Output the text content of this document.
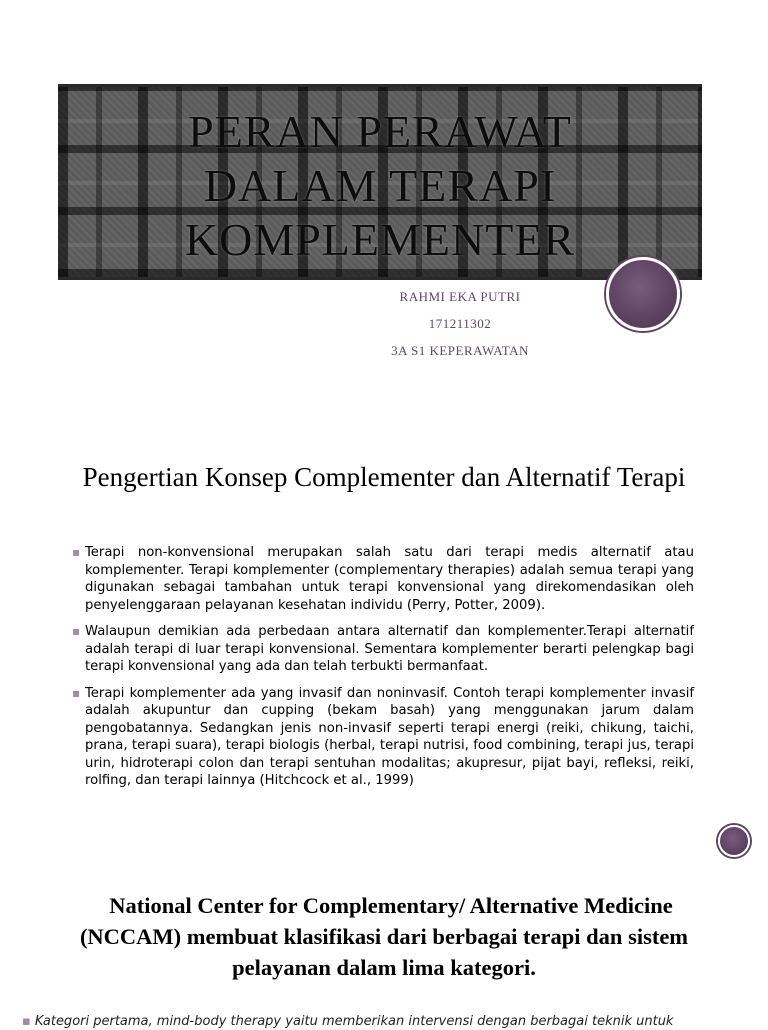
PERAN PERAWAT
DALAM TERAPI
KOMPLEMENTER
RAHMI EKA PUTRI
171211302
3A S1 KEPERAWATAN
Pengertian Konsep Complementer dan Alternatif Terapi
▪ Terapi non-konvensional merupakan salah satu dari terapi medis alternatif atau komplementer. Terapi komplementer (complementary therapies) adalah semua terapi yang digunakan sebagai tambahan untuk terapi konvensional yang direkomendasikan oleh penyelenggaraan pelayanan kesehatan individu (Perry, Potter, 2009).
▪ Walaupun demikian ada perbedaan antara alternatif dan komplementer.Terapi alternatif adalah terapi di luar terapi konvensional. Sementara komplementer berarti pelengkap bagi terapi konvensional yang ada dan telah terbukti bermanfaat.
▪ Terapi komplementer ada yang invasif dan noninvasif. Contoh terapi komplementer invasif adalah akupuntur dan cupping (bekam basah) yang menggunakan jarum dalam pengobatannya. Sedangkan jenis non-invasif seperti terapi energi (reiki, chikung, taichi, prana, terapi suara), terapi biologis (herbal, terapi nutrisi, food combining, terapi jus, terapi urin, hidroterapi colon dan terapi sentuhan modalitas; akupresur, pijat bayi, refleksi, reiki, rolfing, dan terapi lainnya (Hitchcock et al., 1999)
National Center for Complementary/ Alternative Medicine
(NCCAM) membuat klasifikasi dari berbagai terapi dan sistem
pelayanan dalam lima kategori.
▪ Kategori pertama, mind-body therapy yaitu memberikan intervensi dengan berbagai teknik untuk
